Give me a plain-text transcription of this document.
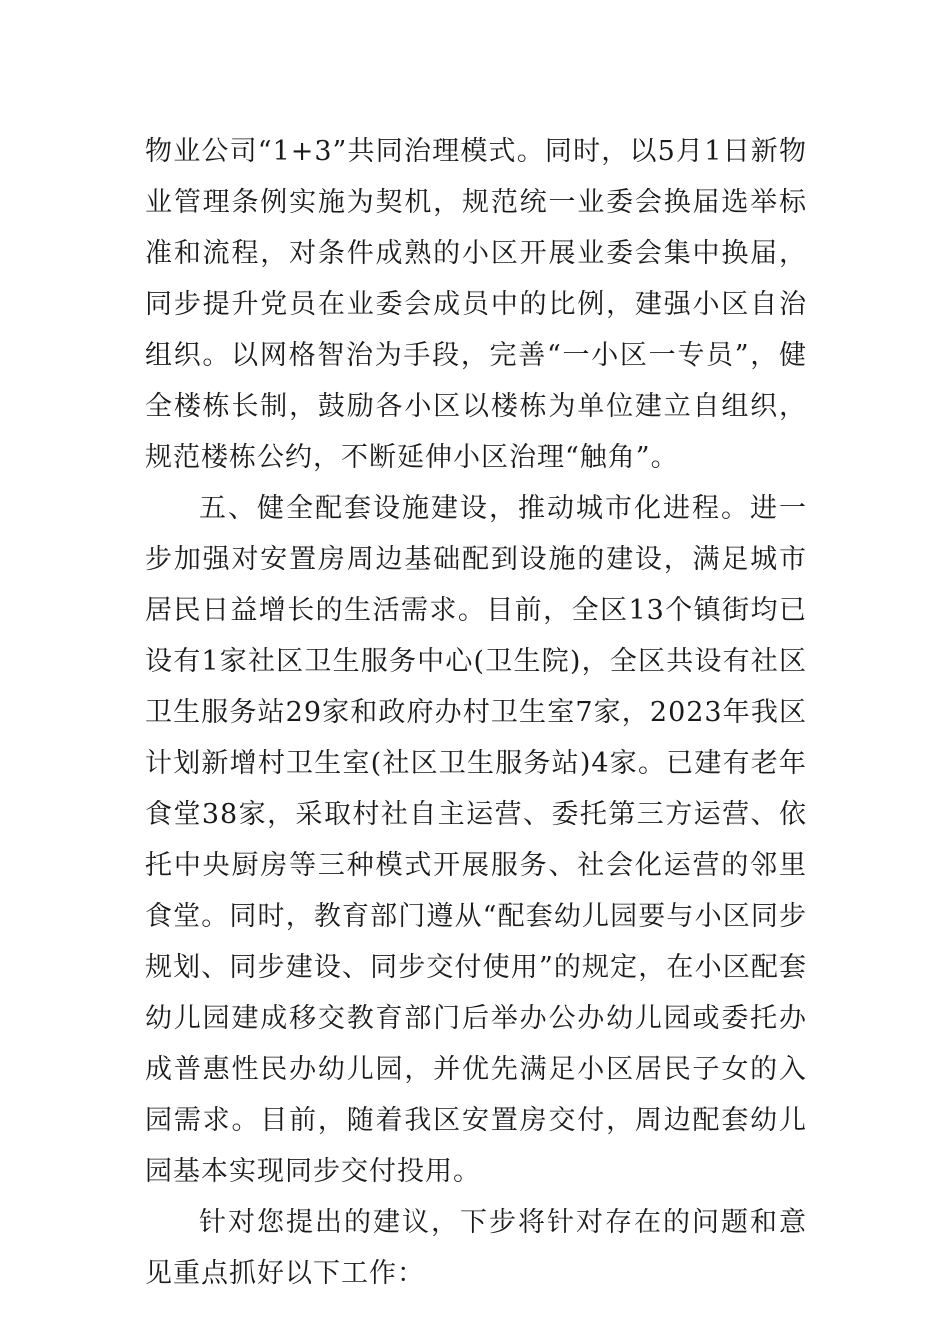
物业公司“1+3”共同治理模式。同时，以5月1日新物业管理条例实施为契机，规范统一业委会换届选举标准和流程，对条件成熟的小区开展业委会集中换届，同步提升党员在业委会成员中的比例，建强小区自治组织。以网格智治为手段，完善“一小区一专员”，健全楼栋长制，鼓励各小区以楼栋为单位建立自组织，规范楼栋公约，不断延伸小区治理“触角”。

五、健全配套设施建设，推动城市化进程。进一步加强对安置房周边基础配到设施的建设，满足城市居民日益增长的生活需求。目前，全区13个镇街均已设有1家社区卫生服务中心(卫生院)，全区共设有社区卫生服务站29家和政府办村卫生室7家，2023年我区计划新增村卫生室(社区卫生服务站)4家。已建有老年食堂38家，采取村社自主运营、委托第三方运营、依托中央厨房等三种模式开展服务、社会化运营的邻里食堂。同时，教育部门遵从“配套幼儿园要与小区同步规划、同步建设、同步交付使用”的规定，在小区配套幼儿园建成移交教育部门后举办公办幼儿园或委托办成普惠性民办幼儿园，并优先满足小区居民子女的入园需求。目前，随着我区安置房交付，周边配套幼儿园基本实现同步交付投用。

针对您提出的建议，下步将针对存在的问题和意见重点抓好以下工作：
